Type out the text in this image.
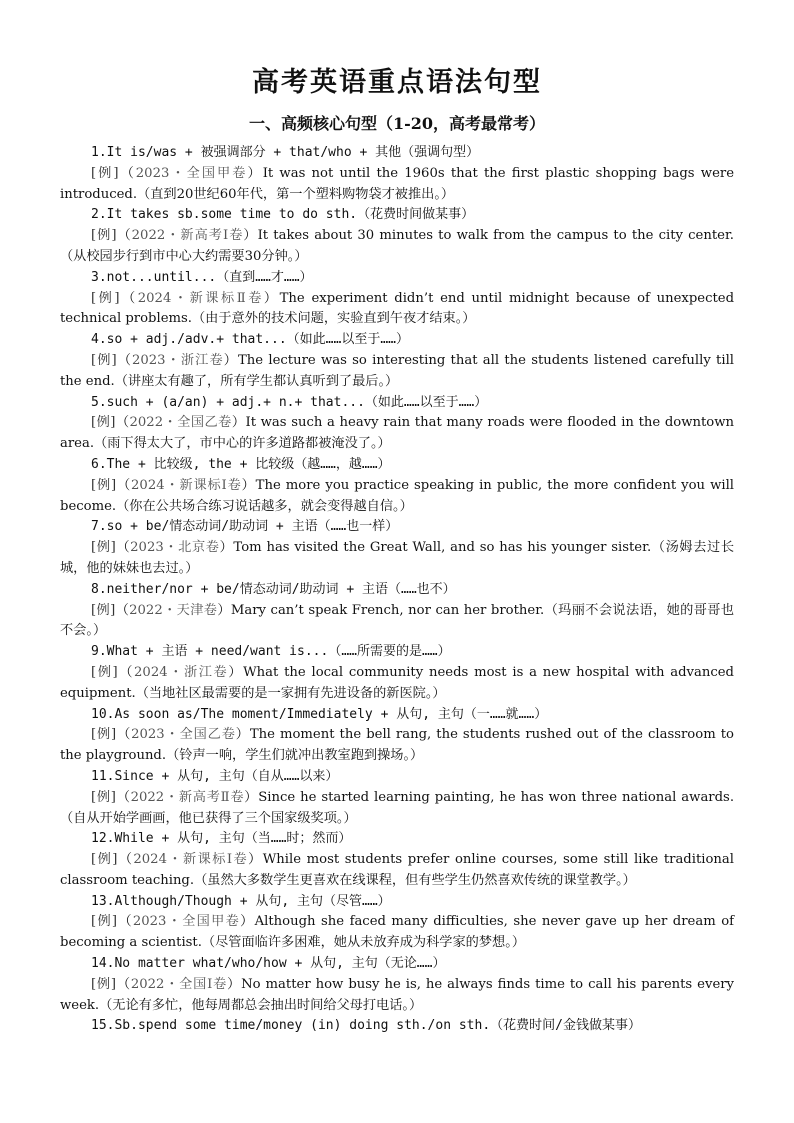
高考英语重点语法句型
一、高频核心句型（1-20，高考最常考）
1.It is/was + 被强调部分 + that/who + 其他（强调句型）
[例]（2023・全国甲卷）It was not until the 1960s that the first plastic shopping bags were introduced.（直到20世纪60年代，第一个塑料购物袋才被推出。）
2.It takes sb.some time to do sth.（花费时间做某事）
[例]（2022・新高考Ⅰ卷）It takes about 30 minutes to walk from the campus to the city center.（从校园步行到市中心大约需要30分钟。）
3.not...until...（直到……才……）
[例]（2024・新课标Ⅱ卷）The experiment didn’t end until midnight because of unexpected technical problems.（由于意外的技术问题，实验直到午夜才结束。）
4.so + adj./adv.+ that...（如此……以至于……）
[例]（2023・浙江卷）The lecture was so interesting that all the students listened carefully till the end.（讲座太有趣了，所有学生都认真听到了最后。）
5.such + (a/an) + adj.+ n.+ that...（如此……以至于……）
[例]（2022・全国乙卷）It was such a heavy rain that many roads were flooded in the downtown area.（雨下得太大了，市中心的许多道路都被淹没了。）
6.The + 比较级, the + 比较级（越……，越……）
[例]（2024・新课标Ⅰ卷）The more you practice speaking in public, the more confident you will become.（你在公共场合练习说话越多，就会变得越自信。）
7.so + be/情态动词/助动词 + 主语（……也一样）
[例]（2023・北京卷）Tom has visited the Great Wall, and so has his younger sister.（汤姆去过长城，他的妹妹也去过。）
8.neither/nor + be/情态动词/助动词 + 主语（……也不）
[例]（2022・天津卷）Mary can’t speak French, nor can her brother.（玛丽不会说法语，她的哥哥也不会。）
9.What + 主语 + need/want is...（……所需要的是……）
[例]（2024・浙江卷）What the local community needs most is a new hospital with advanced equipment.（当地社区最需要的是一家拥有先进设备的新医院。）
10.As soon as/The moment/Immediately + 从句, 主句（一……就……）
[例]（2023・全国乙卷）The moment the bell rang, the students rushed out of the classroom to the playground.（铃声一响，学生们就冲出教室跑到操场。）
11.Since + 从句, 主句（自从……以来）
[例]（2022・新高考Ⅱ卷）Since he started learning painting, he has won three national awards.（自从开始学画画，他已获得了三个国家级奖项。）
12.While + 从句, 主句（当……时；然而）
[例]（2024・新课标Ⅰ卷）While most students prefer online courses, some still like traditional classroom teaching.（虽然大多数学生更喜欢在线课程，但有些学生仍然喜欢传统的课堂教学。）
13.Although/Though + 从句, 主句（尽管……）
[例]（2023・全国甲卷）Although she faced many difficulties, she never gave up her dream of becoming a scientist.（尽管面临许多困难，她从未放弃成为科学家的梦想。）
14.No matter what/who/how + 从句, 主句（无论……）
[例]（2022・全国Ⅰ卷）No matter how busy he is, he always finds time to call his parents every week.（无论有多忙，他每周都总会抽出时间给父母打电话。）
15.Sb.spend some time/money (in) doing sth./on sth.（花费时间/金钱做某事）
